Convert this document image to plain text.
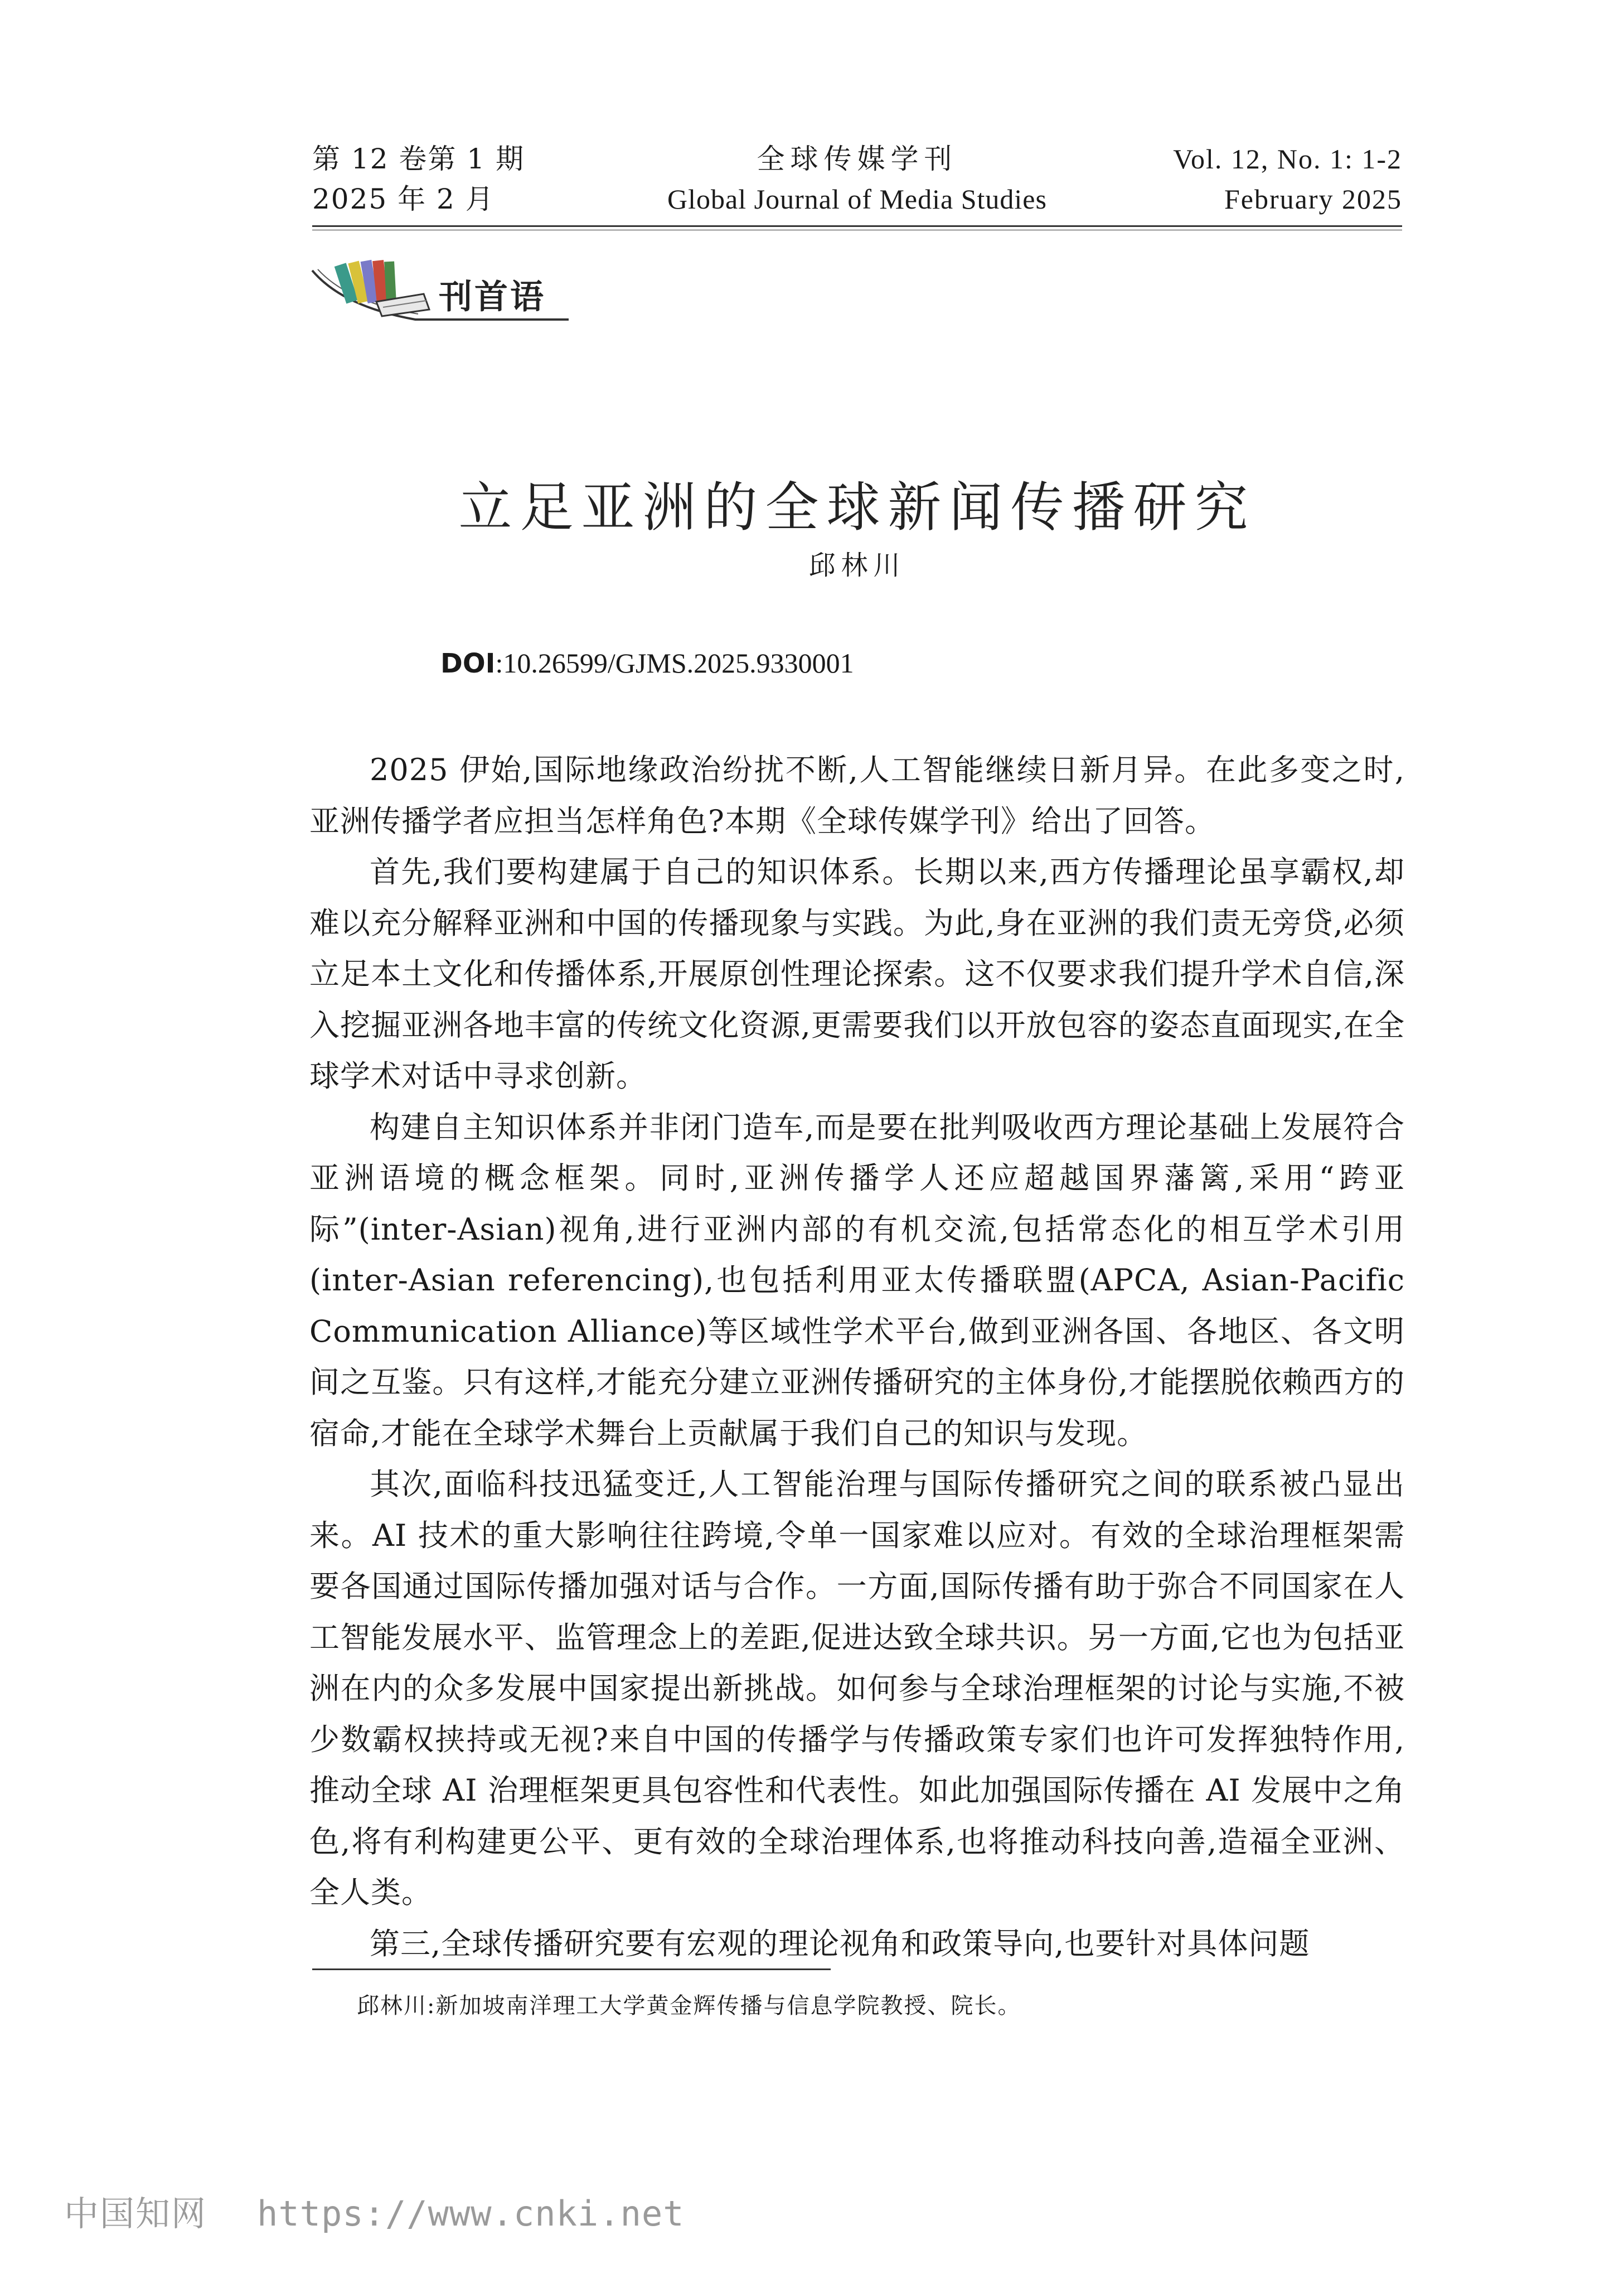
第 12 卷第 1 期
2025 年 2 月
全球传媒学刊
Global Journal of Media Studies
Vol. 12, No. 1: 1-2
February 2025
刊首语
立足亚洲的全球新闻传播研究
邱林川
DOI:10.26599/GJMS.2025.9330001

2025 伊始,国际地缘政治纷扰不断,人工智能继续日新月异。在此多变之时,亚洲传播学者应担当怎样角色?本期《全球传媒学刊》给出了回答。

首先,我们要构建属于自己的知识体系。长期以来,西方传播理论虽享霸权,却难以充分解释亚洲和中国的传播现象与实践。为此,身在亚洲的我们责无旁贷,必须立足本土文化和传播体系,开展原创性理论探索。这不仅要求我们提升学术自信,深入挖掘亚洲各地丰富的传统文化资源,更需要我们以开放包容的姿态直面现实,在全球学术对话中寻求创新。

构建自主知识体系并非闭门造车,而是要在批判吸收西方理论基础上发展符合亚洲语境的概念框架。同时,亚洲传播学人还应超越国界藩篱,采用“跨亚际”(inter-Asian)视角,进行亚洲内部的有机交流,包括常态化的相互学术引用(inter-Asian referencing),也包括利用亚太传播联盟(APCA, Asian-Pacific Communication Alliance)等区域性学术平台,做到亚洲各国、各地区、各文明间之互鉴。只有这样,才能充分建立亚洲传播研究的主体身份,才能摆脱依赖西方的宿命,才能在全球学术舞台上贡献属于我们自己的知识与发现。

其次,面临科技迅猛变迁,人工智能治理与国际传播研究之间的联系被凸显出来。AI 技术的重大影响往往跨境,令单一国家难以应对。有效的全球治理框架需要各国通过国际传播加强对话与合作。一方面,国际传播有助于弥合不同国家在人工智能发展水平、监管理念上的差距,促进达致全球共识。另一方面,它也为包括亚洲在内的众多发展中国家提出新挑战。如何参与全球治理框架的讨论与实施,不被少数霸权挟持或无视?来自中国的传播学与传播政策专家们也许可发挥独特作用,推动全球 AI 治理框架更具包容性和代表性。如此加强国际传播在 AI 发展中之角色,将有利构建更公平、更有效的全球治理体系,也将推动科技向善,造福全亚洲、全人类。

第三,全球传播研究要有宏观的理论视角和政策导向,也要针对具体问题

邱林川:新加坡南洋理工大学黄金辉传播与信息学院教授、院长。
中国知网 https://www.cnki.net
